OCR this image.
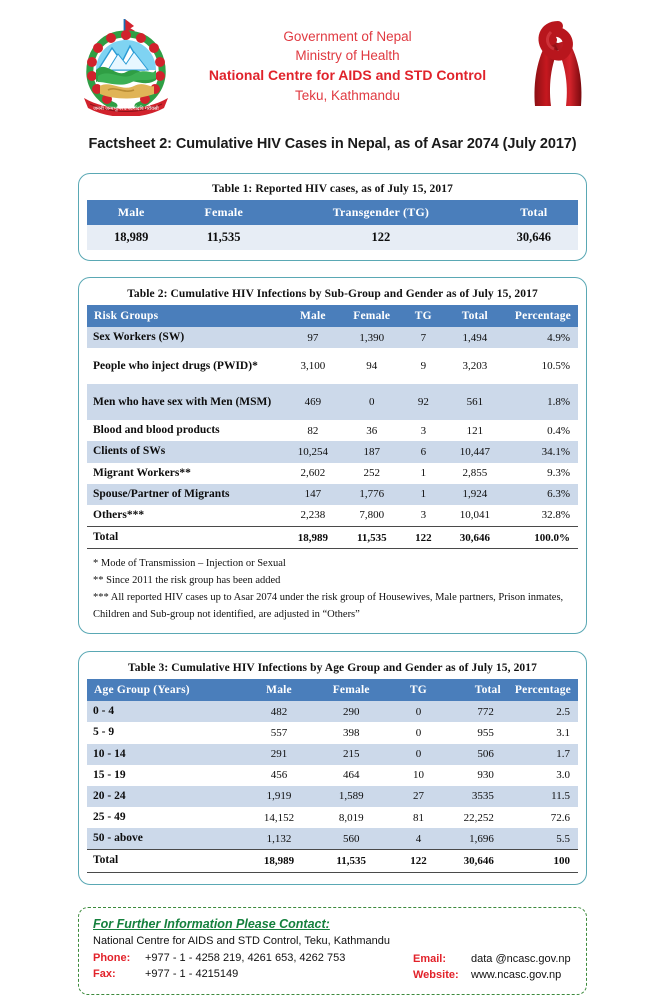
जननी जन्मभूमिश्च स्वर्गादपि गरीयसी
Government of Nepal
Ministry of Health
National Centre for AIDS and STD Control
Teku, Kathmandu
Factsheet 2: Cumulative HIV Cases in Nepal, as of Asar 2074 (July 2017)
Table 1: Reported HIV cases, as of July 15, 2017
Male	Female	Transgender (TG)	Total
18,989	11,535	122	30,646
Table 2: Cumulative HIV Infections by Sub-Group and Gender as of July 15, 2017
Risk Groups	Male	Female	TG	Total	Percentage
Sex Workers (SW)	97	1,390	7	1,494	4.9%
People who inject drugs (PWID)*	3,100	94	9	3,203	10.5%
Men who have sex with Men (MSM)	469	0	92	561	1.8%
Blood and blood products	82	36	3	121	0.4%
Clients of SWs	10,254	187	6	10,447	34.1%
Migrant Workers**	2,602	252	1	2,855	9.3%
Spouse/Partner of Migrants	147	1,776	1	1,924	6.3%
Others***	2,238	7,800	3	10,041	32.8%
Total	18,989	11,535	122	30,646	100.0%
* Mode of Transmission – Injection or Sexual
** Since 2011 the risk group has been added
*** All reported HIV cases up to Asar 2074 under the risk group of Housewives, Male partners, Prison inmates, Children and Sub-group not identified, are adjusted in “Others”
Table 3: Cumulative HIV Infections by Age Group and Gender as of July 15, 2017
Age Group (Years)	Male	Female	TG	Total	Percentage
0 - 4	482	290	0	772	2.5
5 - 9	557	398	0	955	3.1
10 - 14	291	215	0	506	1.7
15 - 19	456	464	10	930	3.0
20 - 24	1,919	1,589	27	3535	11.5
25 - 49	14,152	8,019	81	22,252	72.6
50 - above	1,132	560	4	1,696	5.5
Total	18,989	11,535	122	30,646	100
For Further Information Please Contact:
National Centre for AIDS and STD Control, Teku, Kathmandu
Phone:	+977 - 1 - 4258 219, 4261 653, 4262 753
Fax:	+977 - 1 - 4215149
Email:	data @ncasc.gov.np
Website:	www.ncasc.gov.np
